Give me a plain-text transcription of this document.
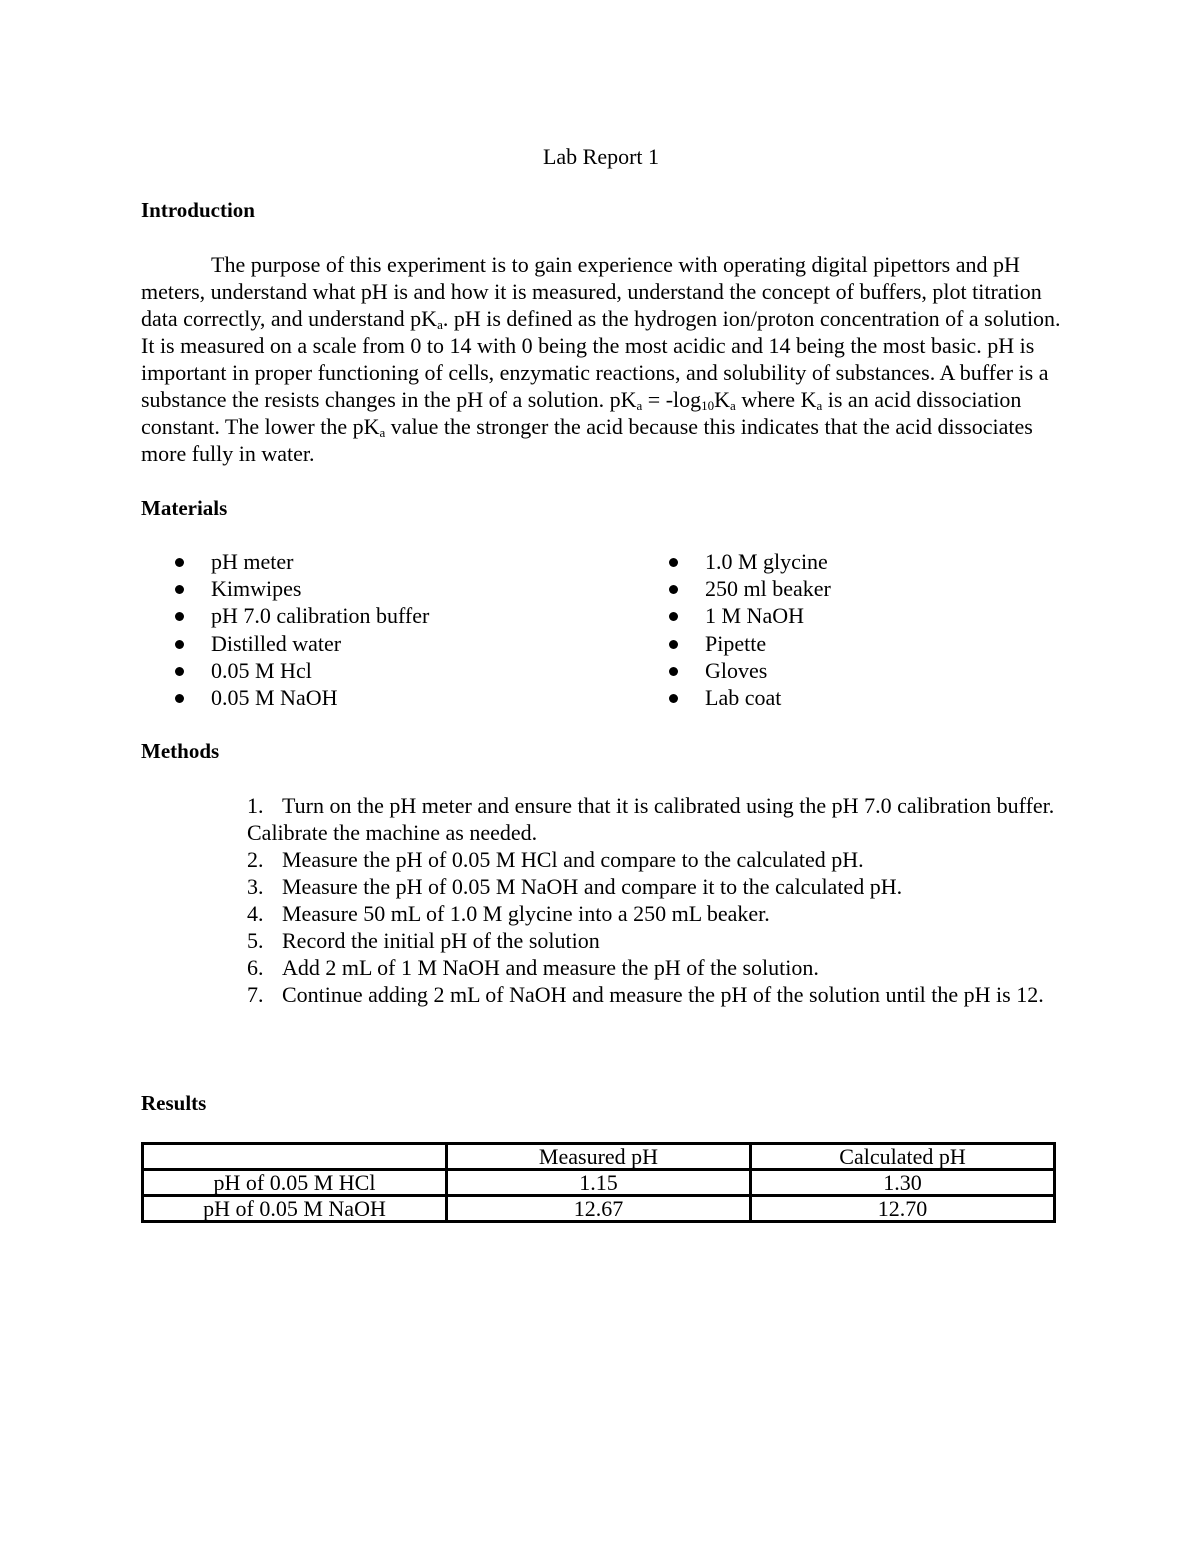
Lab Report 1
Introduction

The purpose of this experiment is to gain experience with operating digital pipettors and pH meters, understand what pH is and how it is measured, understand the concept of buffers, plot titration data correctly, and understand $pK_a$. pH is defined as the hydrogen ion/proton concentration of a solution. It is measured on a scale from 0 to 14 with 0 being the most acidic and 14 being the most basic. pH is important in proper functioning of cells, enzymatic reactions, and solubility of substances. A buffer is a substance the resists changes in the pH of a solution. $pK_a = -\log_{10}K_a$ where $K_a$ is an acid dissociation constant. The lower the $pK_a$ value the stronger the acid because this indicates that the acid dissociates more fully in water.

Materials
pH meter
Kimwipes
pH 7.0 calibration buffer
Distilled water
0.05 M Hcl
0.05 M NaOH
1.0 M glycine
250 ml beaker
1 M NaOH
Pipette
Gloves
Lab coat
Methods
1. Turn on the pH meter and ensure that it is calibrated using the pH 7.0 calibration buffer. Calibrate the machine as needed.
2. Measure the pH of 0.05 M HCl and compare to the calculated pH.
3. Measure the pH of 0.05 M NaOH and compare it to the calculated pH.
4. Measure 50 mL of 1.0 M glycine into a 250 mL beaker.
5. Record the initial pH of the solution
6. Add 2 mL of 1 M NaOH and measure the pH of the solution.
7. Continue adding 2 mL of NaOH and measure the pH of the solution until the pH is 12.
Results
	Measured pH	Calculated pH
pH of 0.05 M HCl	1.15	1.30
pH of 0.05 M NaOH	12.67	12.70
